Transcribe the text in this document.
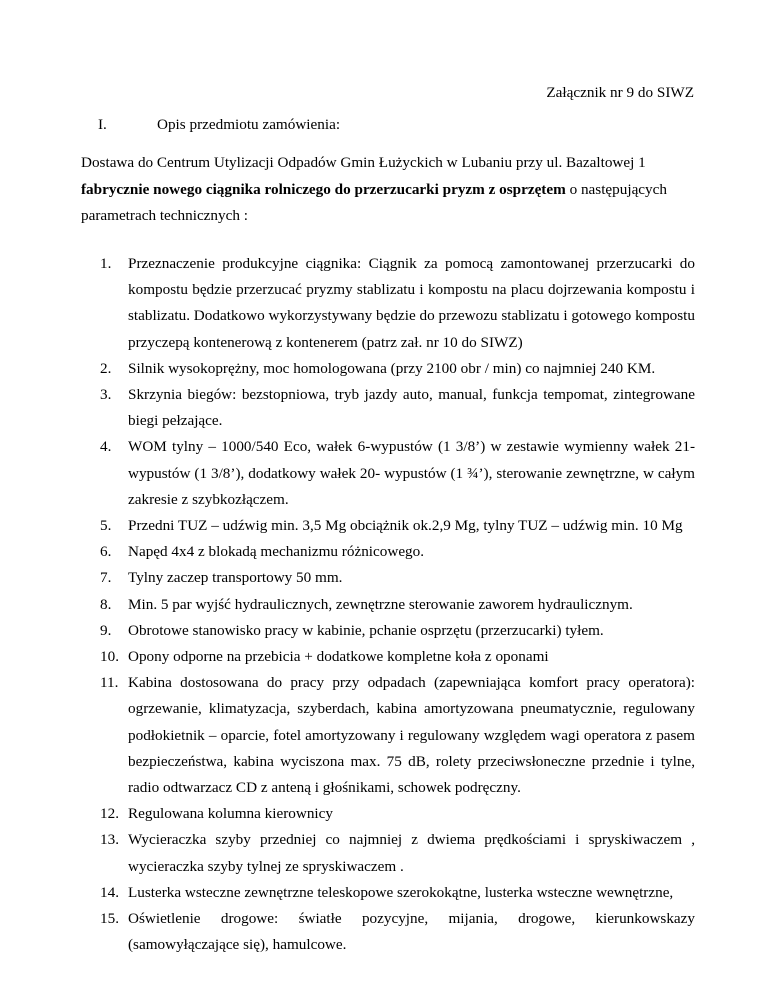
Załącznik nr 9 do SIWZ
I.	Opis przedmiotu zamówienia:
Dostawa do Centrum Utylizacji Odpadów Gmin Łużyckich w Lubaniu przy ul. Bazaltowej 1
fabrycznie nowego ciągnika rolniczego do przerzucarki pryzm z osprzętem o następujących parametrach technicznych :
1. Przeznaczenie produkcyjne ciągnika: Ciągnik za pomocą zamontowanej przerzucarki do kompostu będzie przerzucać pryzmy stablizatu i kompostu na placu dojrzewania kompostu i stablizatu. Dodatkowo wykorzystywany będzie do przewozu stablizatu i gotowego kompostu przyczepą kontenerową z kontenerem (patrz zał. nr 10 do SIWZ)
2. Silnik wysokoprężny, moc homologowana (przy 2100 obr / min) co najmniej 240 KM.
3. Skrzynia biegów: bezstopniowa, tryb jazdy auto, manual, funkcja tempomat, zintegrowane biegi pełzające.
4. WOM tylny – 1000/540 Eco, wałek 6-wypustów (1 3/8’) w zestawie wymienny wałek 21-wypustów (1 3/8’), dodatkowy wałek 20- wypustów (1 ¾’), sterowanie zewnętrzne, w całym zakresie z szybkozłączem.
5. Przedni TUZ – udźwig min. 3,5 Mg obciążnik ok.2,9 Mg, tylny TUZ – udźwig min. 10 Mg
6. Napęd 4x4 z blokadą mechanizmu różnicowego.
7. Tylny zaczep transportowy 50 mm.
8. Min. 5 par wyjść hydraulicznych, zewnętrzne sterowanie zaworem hydraulicznym.
9. Obrotowe stanowisko pracy w kabinie, pchanie osprzętu (przerzucarki) tyłem.
10. Opony odporne na przebicia + dodatkowe kompletne koła z oponami
11. Kabina dostosowana do pracy przy odpadach (zapewniająca komfort pracy operatora): ogrzewanie, klimatyzacja, szyberdach, kabina amortyzowana pneumatycznie, regulowany podłokietnik – oparcie, fotel amortyzowany i regulowany względem wagi operatora z pasem bezpieczeństwa, kabina wyciszona max. 75 dB, rolety przeciwsłoneczne przednie i tylne, radio odtwarzacz CD z anteną i głośnikami, schowek podręczny.
12. Regulowana kolumna kierownicy
13. Wycieraczka szyby przedniej co najmniej z dwiema prędkościami i spryskiwaczem , wycieraczka szyby tylnej ze spryskiwaczem .
14. Lusterka wsteczne zewnętrzne teleskopowe szerokokątne, lusterka wsteczne wewnętrzne,
15. Oświetlenie drogowe: światłe pozycyjne, mijania, drogowe, kierunkowskazy
(samowyłączające się), hamulcowe.
